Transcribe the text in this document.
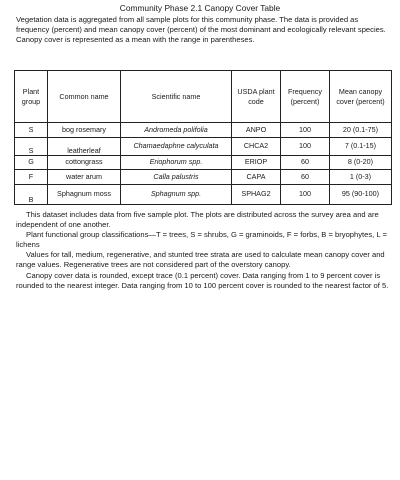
Community Phase 2.1 Canopy Cover Table

Vegetation data is aggregated from all sample plots for this community phase. The data is provided as frequency (percent) and mean canopy cover (percent) of the most dominant and ecologically relevant species. Canopy cover is represented as a mean with the range in parentheses.

Plant group	Common name	Scientific name	USDA plant code	Frequency (percent)	Mean canopy cover (percent)
S	bog rosemary	Andromeda polifolia	ANPO	100	20 (0.1-75)
S	leatherleaf	Chamaedaphne calyculata	CHCA2	100	7 (0.1-15)
G	cottongrass	Eriophorum spp.	ERIOP	60	8 (0-20)
F	water arum	Calla palustris	CAPA	60	1 (0-3)
B	Sphagnum moss	Sphagnum spp.	SPHAG2	100	95 (90-100)

This dataset includes data from five sample plot. The plots are distributed across the survey area and are independent of one another.

Plant functional group classifications—T = trees, S = shrubs, G = graminoids, F = forbs, B = bryophytes, L = lichens

Values for tall, medium, regenerative, and stunted tree strata are used to calculate mean canopy cover and range values. Regenerative trees are not considered part of the overstory canopy.

Canopy cover data is rounded, except trace (0.1 percent) cover. Data ranging from 1 to 9 percent cover is rounded to the nearest integer. Data ranging from 10 to 100 percent cover is rounded to the nearest factor of 5.
